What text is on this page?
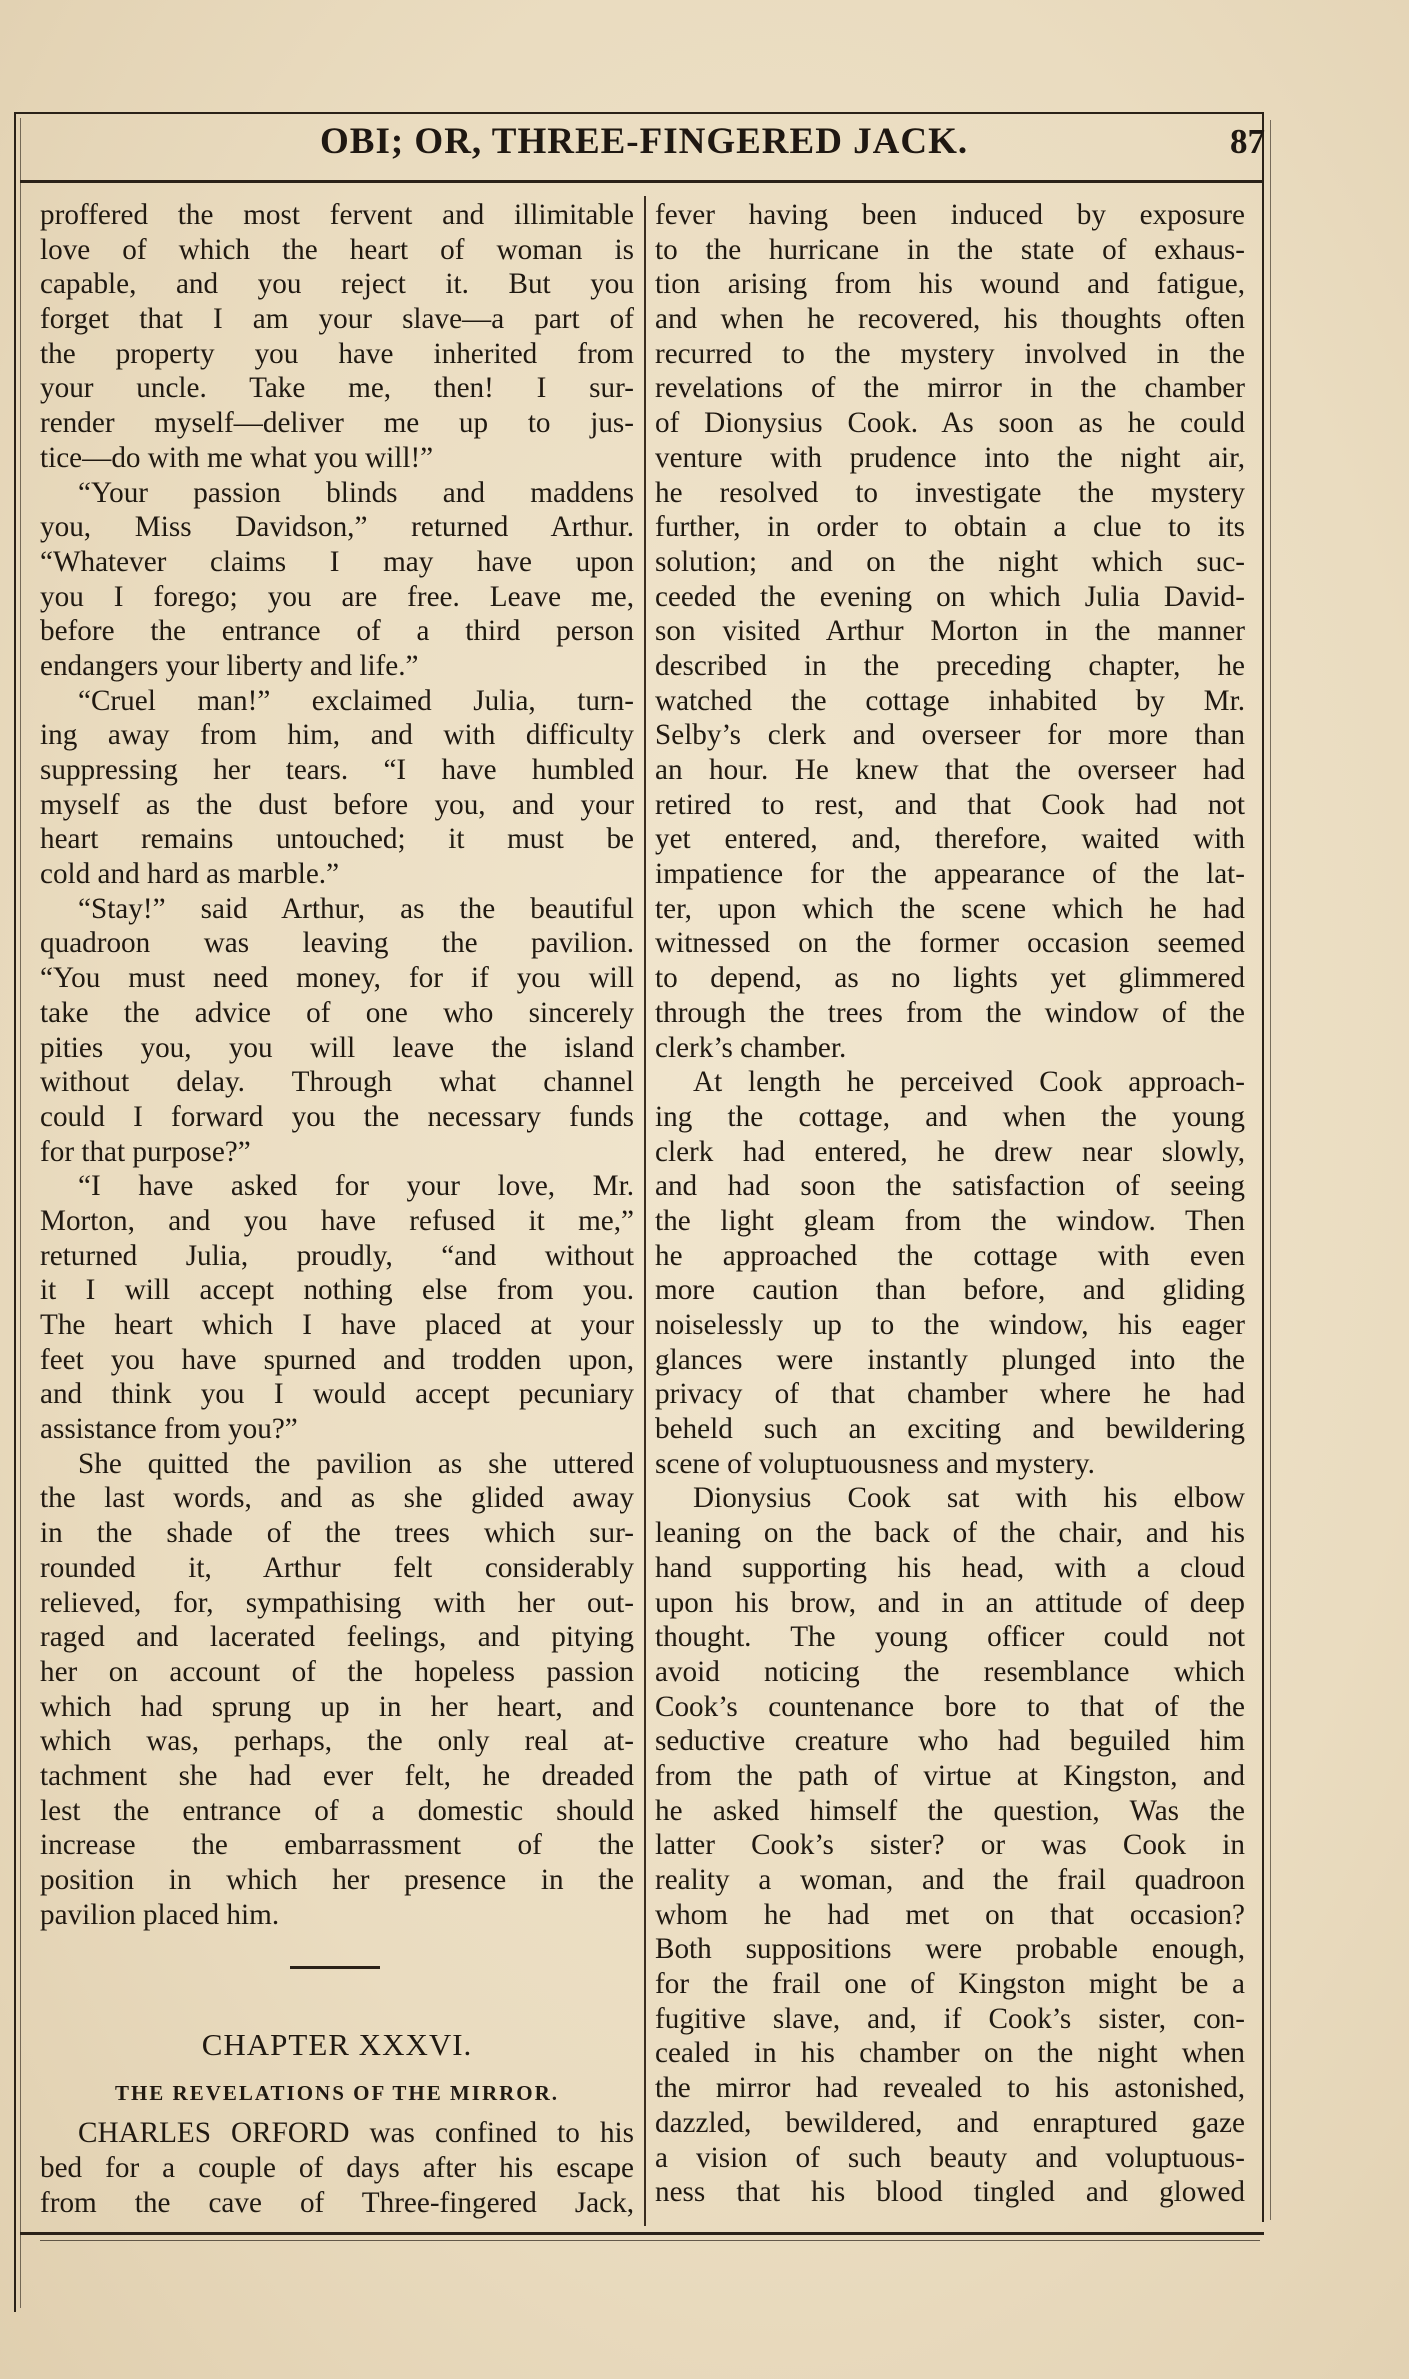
OBI; OR, THREE-FINGERED JACK.	87
proffered the most fervent and illimitable
love of which the heart of woman is
capable, and you reject it. But you
forget that I am your slave—a part of
the property you have inherited from
your uncle. Take me, then! I sur-
render myself—deliver me up to jus-
tice—do with me what you will!”
“Your passion blinds and maddens
you, Miss Davidson,” returned Arthur.
“Whatever claims I may have upon
you I forego; you are free. Leave me,
before the entrance of a third person
endangers your liberty and life.”
“Cruel man!” exclaimed Julia, turn-
ing away from him, and with difficulty
suppressing her tears. “I have humbled
myself as the dust before you, and your
heart remains untouched; it must be
cold and hard as marble.”
“Stay!” said Arthur, as the beautiful
quadroon was leaving the pavilion.
“You must need money, for if you will
take the advice of one who sincerely
pities you, you will leave the island
without delay. Through what channel
could I forward you the necessary funds
for that purpose?”
“I have asked for your love, Mr.
Morton, and you have refused it me,”
returned Julia, proudly, “and without
it I will accept nothing else from you.
The heart which I have placed at your
feet you have spurned and trodden upon,
and think you I would accept pecuniary
assistance from you?”
She quitted the pavilion as she uttered
the last words, and as she glided away
in the shade of the trees which sur-
rounded it, Arthur felt considerably
relieved, for, sympathising with her out-
raged and lacerated feelings, and pitying
her on account of the hopeless passion
which had sprung up in her heart, and
which was, perhaps, the only real at-
tachment she had ever felt, he dreaded
lest the entrance of a domestic should
increase the embarrassment of the
position in which her presence in the
pavilion placed him.
CHAPTER XXXVI.
THE REVELATIONS OF THE MIRROR.
CHARLES ORFORD was confined to his
bed for a couple of days after his escape
from the cave of Three-fingered Jack,
fever having been induced by exposure
to the hurricane in the state of exhaus-
tion arising from his wound and fatigue,
and when he recovered, his thoughts often
recurred to the mystery involved in the
revelations of the mirror in the chamber
of Dionysius Cook. As soon as he could
venture with prudence into the night air,
he resolved to investigate the mystery
further, in order to obtain a clue to its
solution; and on the night which suc-
ceeded the evening on which Julia David-
son visited Arthur Morton in the manner
described in the preceding chapter, he
watched the cottage inhabited by Mr.
Selby’s clerk and overseer for more than
an hour. He knew that the overseer had
retired to rest, and that Cook had not
yet entered, and, therefore, waited with
impatience for the appearance of the lat-
ter, upon which the scene which he had
witnessed on the former occasion seemed
to depend, as no lights yet glimmered
through the trees from the window of the
clerk’s chamber.
At length he perceived Cook approach-
ing the cottage, and when the young
clerk had entered, he drew near slowly,
and had soon the satisfaction of seeing
the light gleam from the window. Then
he approached the cottage with even
more caution than before, and gliding
noiselessly up to the window, his eager
glances were instantly plunged into the
privacy of that chamber where he had
beheld such an exciting and bewildering
scene of voluptuousness and mystery.
Dionysius Cook sat with his elbow
leaning on the back of the chair, and his
hand supporting his head, with a cloud
upon his brow, and in an attitude of deep
thought. The young officer could not
avoid noticing the resemblance which
Cook’s countenance bore to that of the
seductive creature who had beguiled him
from the path of virtue at Kingston, and
he asked himself the question, Was the
latter Cook’s sister? or was Cook in
reality a woman, and the frail quadroon
whom he had met on that occasion?
Both suppositions were probable enough,
for the frail one of Kingston might be a
fugitive slave, and, if Cook’s sister, con-
cealed in his chamber on the night when
the mirror had revealed to his astonished,
dazzled, bewildered, and enraptured gaze
a vision of such beauty and voluptuous-
ness that his blood tingled and glowed
